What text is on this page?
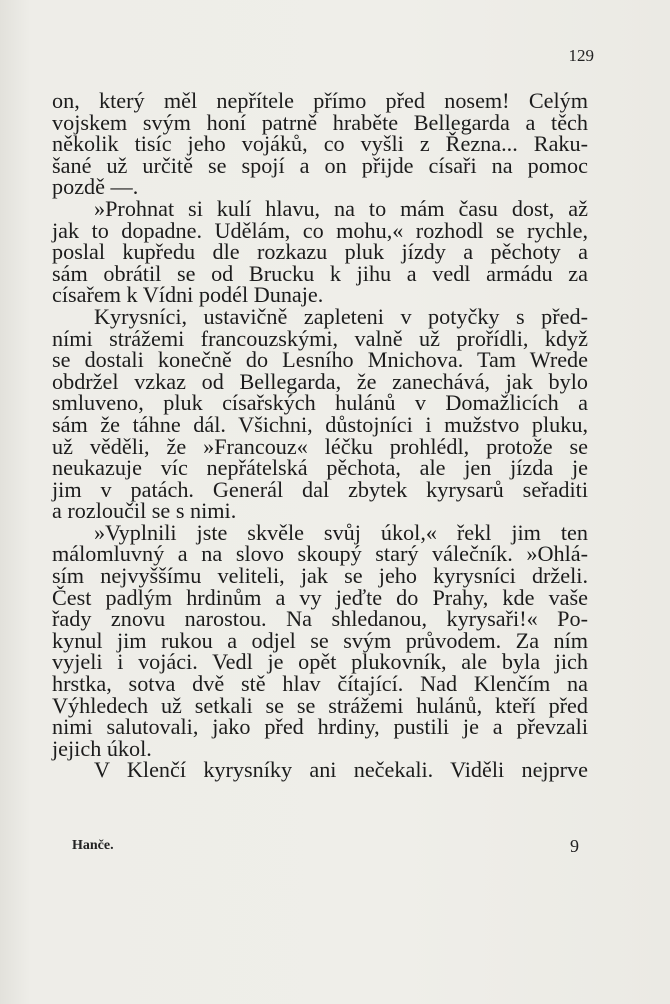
129
on, který měl nepřítele přímo před nosem! Celým
vojskem svým honí patrně hraběte Bellegarda a těch
několik tisíc jeho vojáků, co vyšli z Řezna... Raku-
šané už určitě se spojí a on přijde císaři na pomoc
pozdě —.
»Prohnat si kulí hlavu, na to mám času dost, až
jak to dopadne. Udělám, co mohu,« rozhodl se rychle,
poslal kupředu dle rozkazu pluk jízdy a pěchoty a
sám obrátil se od Brucku k jihu a vedl armádu za
císařem k Vídni podél Dunaje.
Kyrysníci, ustavičně zapleteni v potyčky s před-
ními strážemi francouzskými, valně už prořídli, když
se dostali konečně do Lesního Mnichova. Tam Wrede
obdržel vzkaz od Bellegarda, že zanechává, jak bylo
smluveno, pluk císařských hulánů v Domažlicích a
sám že táhne dál. Všichni, důstojníci i mužstvo pluku,
už věděli, že »Francouz« léčku prohlédl, protože se
neukazuje víc nepřátelská pěchota, ale jen jízda je
jim v patách. Generál dal zbytek kyrysarů seřaditi
a rozloučil se s nimi.
»Vyplnili jste skvěle svůj úkol,« řekl jim ten
málomluvný a na slovo skoupý starý válečník. »Ohlá-
sím nejvyššímu veliteli, jak se jeho kyrysníci drželi.
Čest padlým hrdinům a vy jeďte do Prahy, kde vaše
řady znovu narostou. Na shledanou, kyrysaři!« Po-
kynul jim rukou a odjel se svým průvodem. Za ním
vyjeli i vojáci. Vedl je opět plukovník, ale byla jich
hrstka, sotva dvě stě hlav čítající. Nad Klenčím na
Výhledech už setkali se se strážemi hulánů, kteří před
nimi salutovali, jako před hrdiny, pustili je a převzali
jejich úkol.
V Klenčí kyrysníky ani nečekali. Viděli nejprve
Hanče.	9
